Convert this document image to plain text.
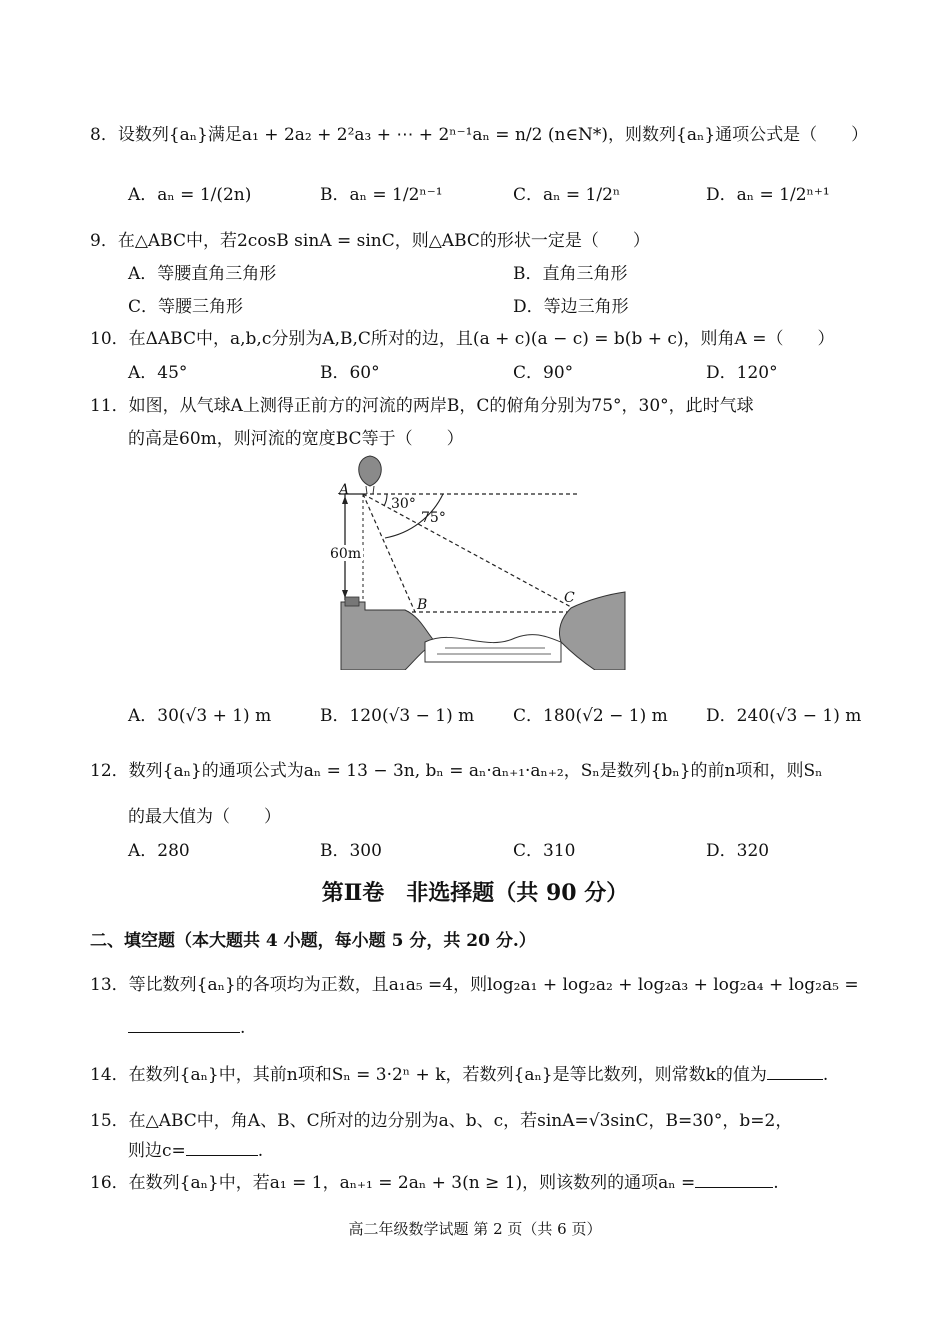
8．设数列{aₙ}满足a₁ + 2a₂ + 2²a₃ + ⋯ + 2ⁿ⁻¹aₙ = n/2 (n∈N*)，则数列{aₙ}通项公式是（　　）
A．aₙ = 1/(2n)	B．aₙ = 1/2ⁿ⁻¹	C．aₙ = 1/2ⁿ	D．aₙ = 1/2ⁿ⁺¹
9．在△ABC中，若2cosB sinA = sinC，则△ABC的形状一定是（　　）
A．等腰直角三角形	B．直角三角形
C．等腰三角形	D．等边三角形
10．在ΔABC中，a,b,c分别为A,B,C所对的边，且(a + c)(a − c) = b(b + c)，则角A =（　　）
A．45°	B．60°	C．90°	D．120°
11．如图，从气球A上测得正前方的河流的两岸B，C的俯角分别为75°，30°，此时气球
的高是60m，则河流的宽度BC等于（　　）
A
B	C
30°
75°
60m
A．30(√3 + 1) m	B．120(√3 − 1) m C．180(√2 − 1) m D．240(√3 − 1) m
12．数列{aₙ}的通项公式为aₙ = 13 − 3n, bₙ = aₙ·aₙ₊₁·aₙ₊₂，Sₙ是数列{bₙ}的前n项和，则Sₙ
的最大值为（　　）
A．280	B．300	C．310	D．320
第Ⅱ卷　非选择题（共 90 分）
二、填空题（本大题共 4 小题，每小题 5 分，共 20 分.）
13．等比数列{aₙ}的各项均为正数，且a₁a₅ =4，则log₂a₁ + log₂a₂ + log₂a₃ + log₂a₄ + log₂a₅ =
.
14．在数列{aₙ}中，其前n项和Sₙ = 3·2ⁿ + k，若数列{aₙ}是等比数列，则常数k的值为	.
15．在△ABC中，角A、B、C所对的边分别为a、b、c，若sinA=√3sinC，B=30°，b=2，
则边c=	.
16．在数列{aₙ}中，若a₁ = 1，aₙ₊₁ = 2aₙ + 3(n ≥ 1)，则该数列的通项aₙ =	.
高二年级数学试题 第 2 页（共 6 页）
